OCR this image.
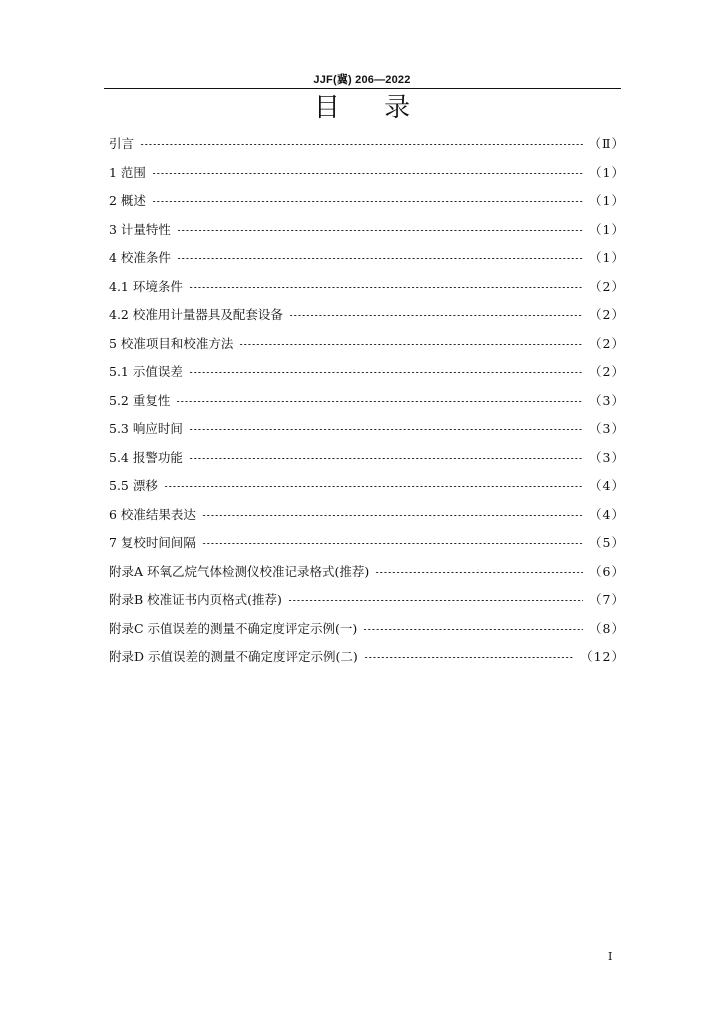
JJF(冀) 206—2022
目 录
引言	（Ⅱ）
1 范围	（1）
2 概述	（1）
3 计量特性	（1）
4 校准条件	（1）
4.1 环境条件	（2）
4.2 校准用计量器具及配套设备	（2）
5 校准项目和校准方法	（2）
5.1 示值误差	（2）
5.2 重复性	（3）
5.3 响应时间	（3）
5.4 报警功能	（3）
5.5 漂移	（4）
6 校准结果表达	（4）
7 复校时间间隔	（5）
附录A 环氧乙烷气体检测仪校准记录格式(推荐)	（6）
附录B 校准证书内页格式(推荐)	（7）
附录C 示值误差的测量不确定度评定示例(一)	（8）
附录D 示值误差的测量不确定度评定示例(二)	（12）
I
